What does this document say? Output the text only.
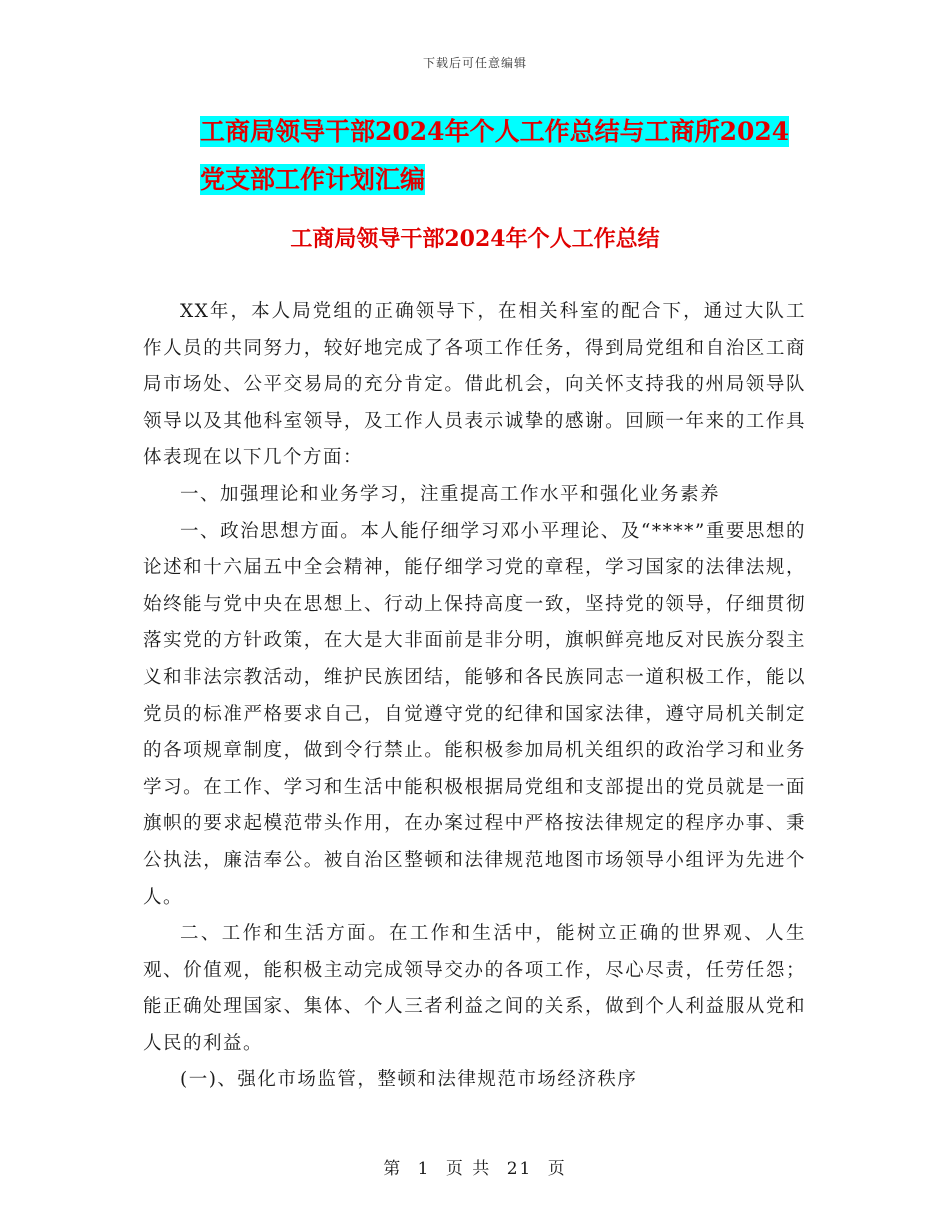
下载后可任意编辑
工商局领导干部2024年个人工作总结与工商所2024
党支部工作计划汇编
工商局领导干部2024年个人工作总结

XX年，本人局党组的正确领导下，在相关科室的配合下，通过大队工作人员的共同努力，较好地完成了各项工作任务，得到局党组和自治区工商局市场处、公平交易局的充分肯定。借此机会，向关怀支持我的州局领导队领导以及其他科室领导，及工作人员表示诚挚的感谢。回顾一年来的工作具体表现在以下几个方面：

一、加强理论和业务学习，注重提高工作水平和强化业务素养

一、政治思想方面。本人能仔细学习邓小平理论、及“****”重要思想的论述和十六届五中全会精神，能仔细学习党的章程，学习国家的法律法规，始终能与党中央在思想上、行动上保持高度一致，坚持党的领导，仔细贯彻落实党的方针政策，在大是大非面前是非分明，旗帜鲜亮地反对民族分裂主义和非法宗教活动，维护民族团结，能够和各民族同志一道积极工作，能以党员的标准严格要求自己，自觉遵守党的纪律和国家法律，遵守局机关制定的各项规章制度，做到令行禁止。能积极参加局机关组织的政治学习和业务学习。在工作、学习和生活中能积极根据局党组和支部提出的党员就是一面旗帜的要求起模范带头作用，在办案过程中严格按法律规定的程序办事、秉公执法，廉洁奉公。被自治区整顿和法律规范地图市场领导小组评为先进个人。

二、工作和生活方面。在工作和生活中，能树立正确的世界观、人生观、价值观，能积极主动完成领导交办的各项工作，尽心尽责，任劳任怨；能正确处理国家、集体、个人三者利益之间的关系，做到个人利益服从党和人民的利益。

(一)、强化市场监管，整顿和法律规范市场经济秩序

第 1 页 共 21 页
